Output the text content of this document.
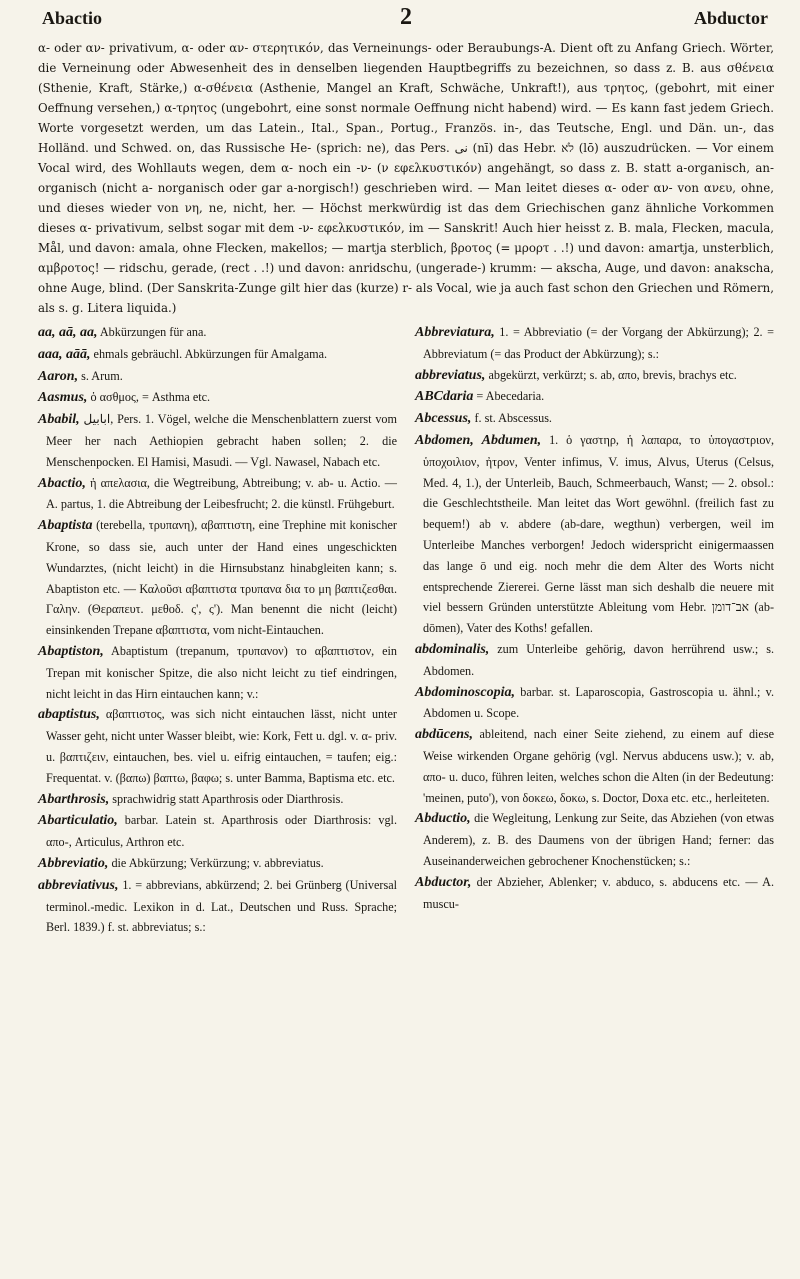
Abactio	2	Abductor

α- oder αν- privativum, α- oder αν- στερητικόν, das Verneinungs- oder Beraubungs-A. Dient oft zu Anfang Griech. Wörter, die Verneinung oder Abwesenheit des in denselben liegenden Hauptbegriffs zu bezeichnen, so dass z. B. aus σθένεια (Sthenie, Kraft, Stärke,) α-σθένεια (Asthenie, Mangel an Kraft, Schwäche, Unkraft!), aus τρητος, (gebohrt, mit einer Oeffnung versehen,) α-τρητος (ungebohrt, eine sonst normale Oeffnung nicht habend) wird. — Es kann fast jedem Griech. Worte vorgesetzt werden, um das Latein., Ital., Span., Portug., Französ. in-, das Teutsche, Engl. und Dän. un-, das Holländ. und Schwed. on, das Russische Не- (sprich: ne), das Pers. نى (nī) das Hebr. לֹא (lō) auszudrücken. — Vor einem Vocal wird, des Wohllauts wegen, dem α- noch ein -ν- (ν εφελκυστικόν) angehängt, so dass z. B. statt a-organisch, an-organisch (nicht a- norganisch oder gar a-norgisch!) geschrieben wird. — Man leitet dieses α- oder αν- von ανευ, ohne, und dieses wieder von νη, ne, nicht, her. — Höchst merkwürdig ist das dem Griechischen ganz ähnliche Vorkommen dieses α- privativum, selbst sogar mit dem -ν- εφελκυστικόν, im — Sanskrit! Auch hier heisst z. B. mala, Flecken, macula, Mål, und davon: amala, ohne Flecken, makellos; — martja sterblich, βροτος (= μρορτ . .!) und davon: amartja, unsterblich, αμβροτος! — ridschu, gerade, (rect . .!) und davon: anridschu, (ungerade-) krumm: — akscha, Auge, und davon: anakscha, ohne Auge, blind. (Der Sanskrita-Zunge gilt hier das (kurze) r- als Vocal, wie ja auch fast schon den Griechen und Römern, als s. g. Litera liquida.)

aa, aā, aa, Abkürzungen für ana.

aaa, aāā, ehmals gebräuchl. Abkürzungen für Amalgama.

Aaron, s. Arum.

Aasmus, ὁ ασθμος, = Asthma etc.

Ababil, ابابيل, Pers. 1. Vögel, welche die Menschenblattern zuerst vom Meer her nach Aethiopien gebracht haben sollen; 2. die Menschenpocken. El Hamisi, Masudi. — Vgl. Nawasel, Nabach etc.

Abactio, ἡ απελασια, die Wegtreibung, Abtreibung; v. ab- u. Actio. — A. partus, 1. die Abtreibung der Leibesfrucht; 2. die künstl. Frühgeburt.

Abaptista (terebella, τρυπανη), αβαπτιστη, eine Trephine mit konischer Krone, so dass sie, auch unter der Hand eines ungeschickten Wundarztes, (nicht leicht) in die Hirnsubstanz hinabgleiten kann; s. Abaptiston etc. — Καλοῦσι αβαπτιστα τρυπανα δια το μη βαπτιζεσθαι. Γαλην. (Θεραπευτ. μεθοδ. ς', ς'). Man benennt die nicht (leicht) einsinkenden Trepane αβαπτιστα, vom nicht-Eintauchen.

Abaptiston, Abaptistum (trepanum, τρυπανον) το αβαπτιστον, ein Trepan mit konischer Spitze, die also nicht leicht zu tief eindringen, nicht leicht in das Hirn eintauchen kann; v.:

abaptistus, αβαπτιστος, was sich nicht eintauchen lässt, nicht unter Wasser geht, nicht unter Wasser bleibt, wie: Kork, Fett u. dgl. v. α- priv. u. βαπτιζειν, eintauchen, bes. viel u. eifrig eintauchen, = taufen; eig.: Frequentat. v. (βαπω) βαπτω, βαφω; s. unter Bamma, Baptisma etc. etc.

Abarthrosis, sprachwidrig statt Aparthrosis oder Diarthrosis.

Abarticulatio, barbar. Latein st. Aparthrosis oder Diarthrosis: vgl. απο-, Articulus, Arthron etc.

Abbreviatio, die Abkürzung; Verkürzung; v. abbreviatus.

abbreviativus, 1. = abbrevians, abkürzend; 2. bei Grünberg (Universal terminol.-medic. Lexikon in d. Lat., Deutschen und Russ. Sprache; Berl. 1839.) f. st. abbreviatus; s.:

Abbreviatura, 1. = Abbreviatio (= der Vorgang der Abkürzung); 2. = Abbreviatum (= das Product der Abkürzung); s.:

abbreviatus, abgekürzt, verkürzt; s. ab, απο, brevis, brachys etc.

ABCdaria = Abecedaria.

Abcessus, f. st. Abscessus.

Abdomen, Abdumen, 1. ὁ γαστηρ, ἡ λαπαρα, το ὑπογαστριον, ὑποχοιλιον, ἠτρον, Venter infimus, V. imus, Alvus, Uterus (Celsus, Med. 4, 1.), der Unterleib, Bauch, Schmeerbauch, Wanst; — 2. obsol.: die Geschlechtstheile. Man leitet das Wort gewöhnl. (freilich fast zu bequem!) ab v. abdere (ab-dare, wegthun) verbergen, weil im Unterleibe Manches verborgen! Jedoch widerspricht einigermaassen das lange ō und eig. noch mehr die dem Alter des Worts nicht entsprechende Ziererei. Gerne lässt man sich deshalb die neuere mit viel bessern Gründen unterstützte Ableitung vom Hebr. אב־דומן (ab-dōmen), Vater des Koths! gefallen.

abdominalis, zum Unterleibe gehörig, davon herrührend usw.; s. Abdomen.

Abdominoscopia, barbar. st. Laparoscopia, Gastroscopia u. ähnl.; v. Abdomen u. Scope.

abdūcens, ableitend, nach einer Seite ziehend, zu einem auf diese Weise wirkenden Organe gehörig (vgl. Nervus abducens usw.); v. ab, απο- u. duco, führen leiten, welches schon die Alten (in der Bedeutung: 'meinen, puto'), von δοκεω, δοκω, s. Doctor, Doxa etc. etc., herleiteten.

Abductio, die Wegleitung, Lenkung zur Seite, das Abziehen (von etwas Anderem), z. B. des Daumens von der übrigen Hand; ferner: das Auseinanderweichen gebrochener Knochenstücken; s.:

Abductor, der Abzieher, Ablenker; v. abduco, s. abducens etc. — A. muscu-
